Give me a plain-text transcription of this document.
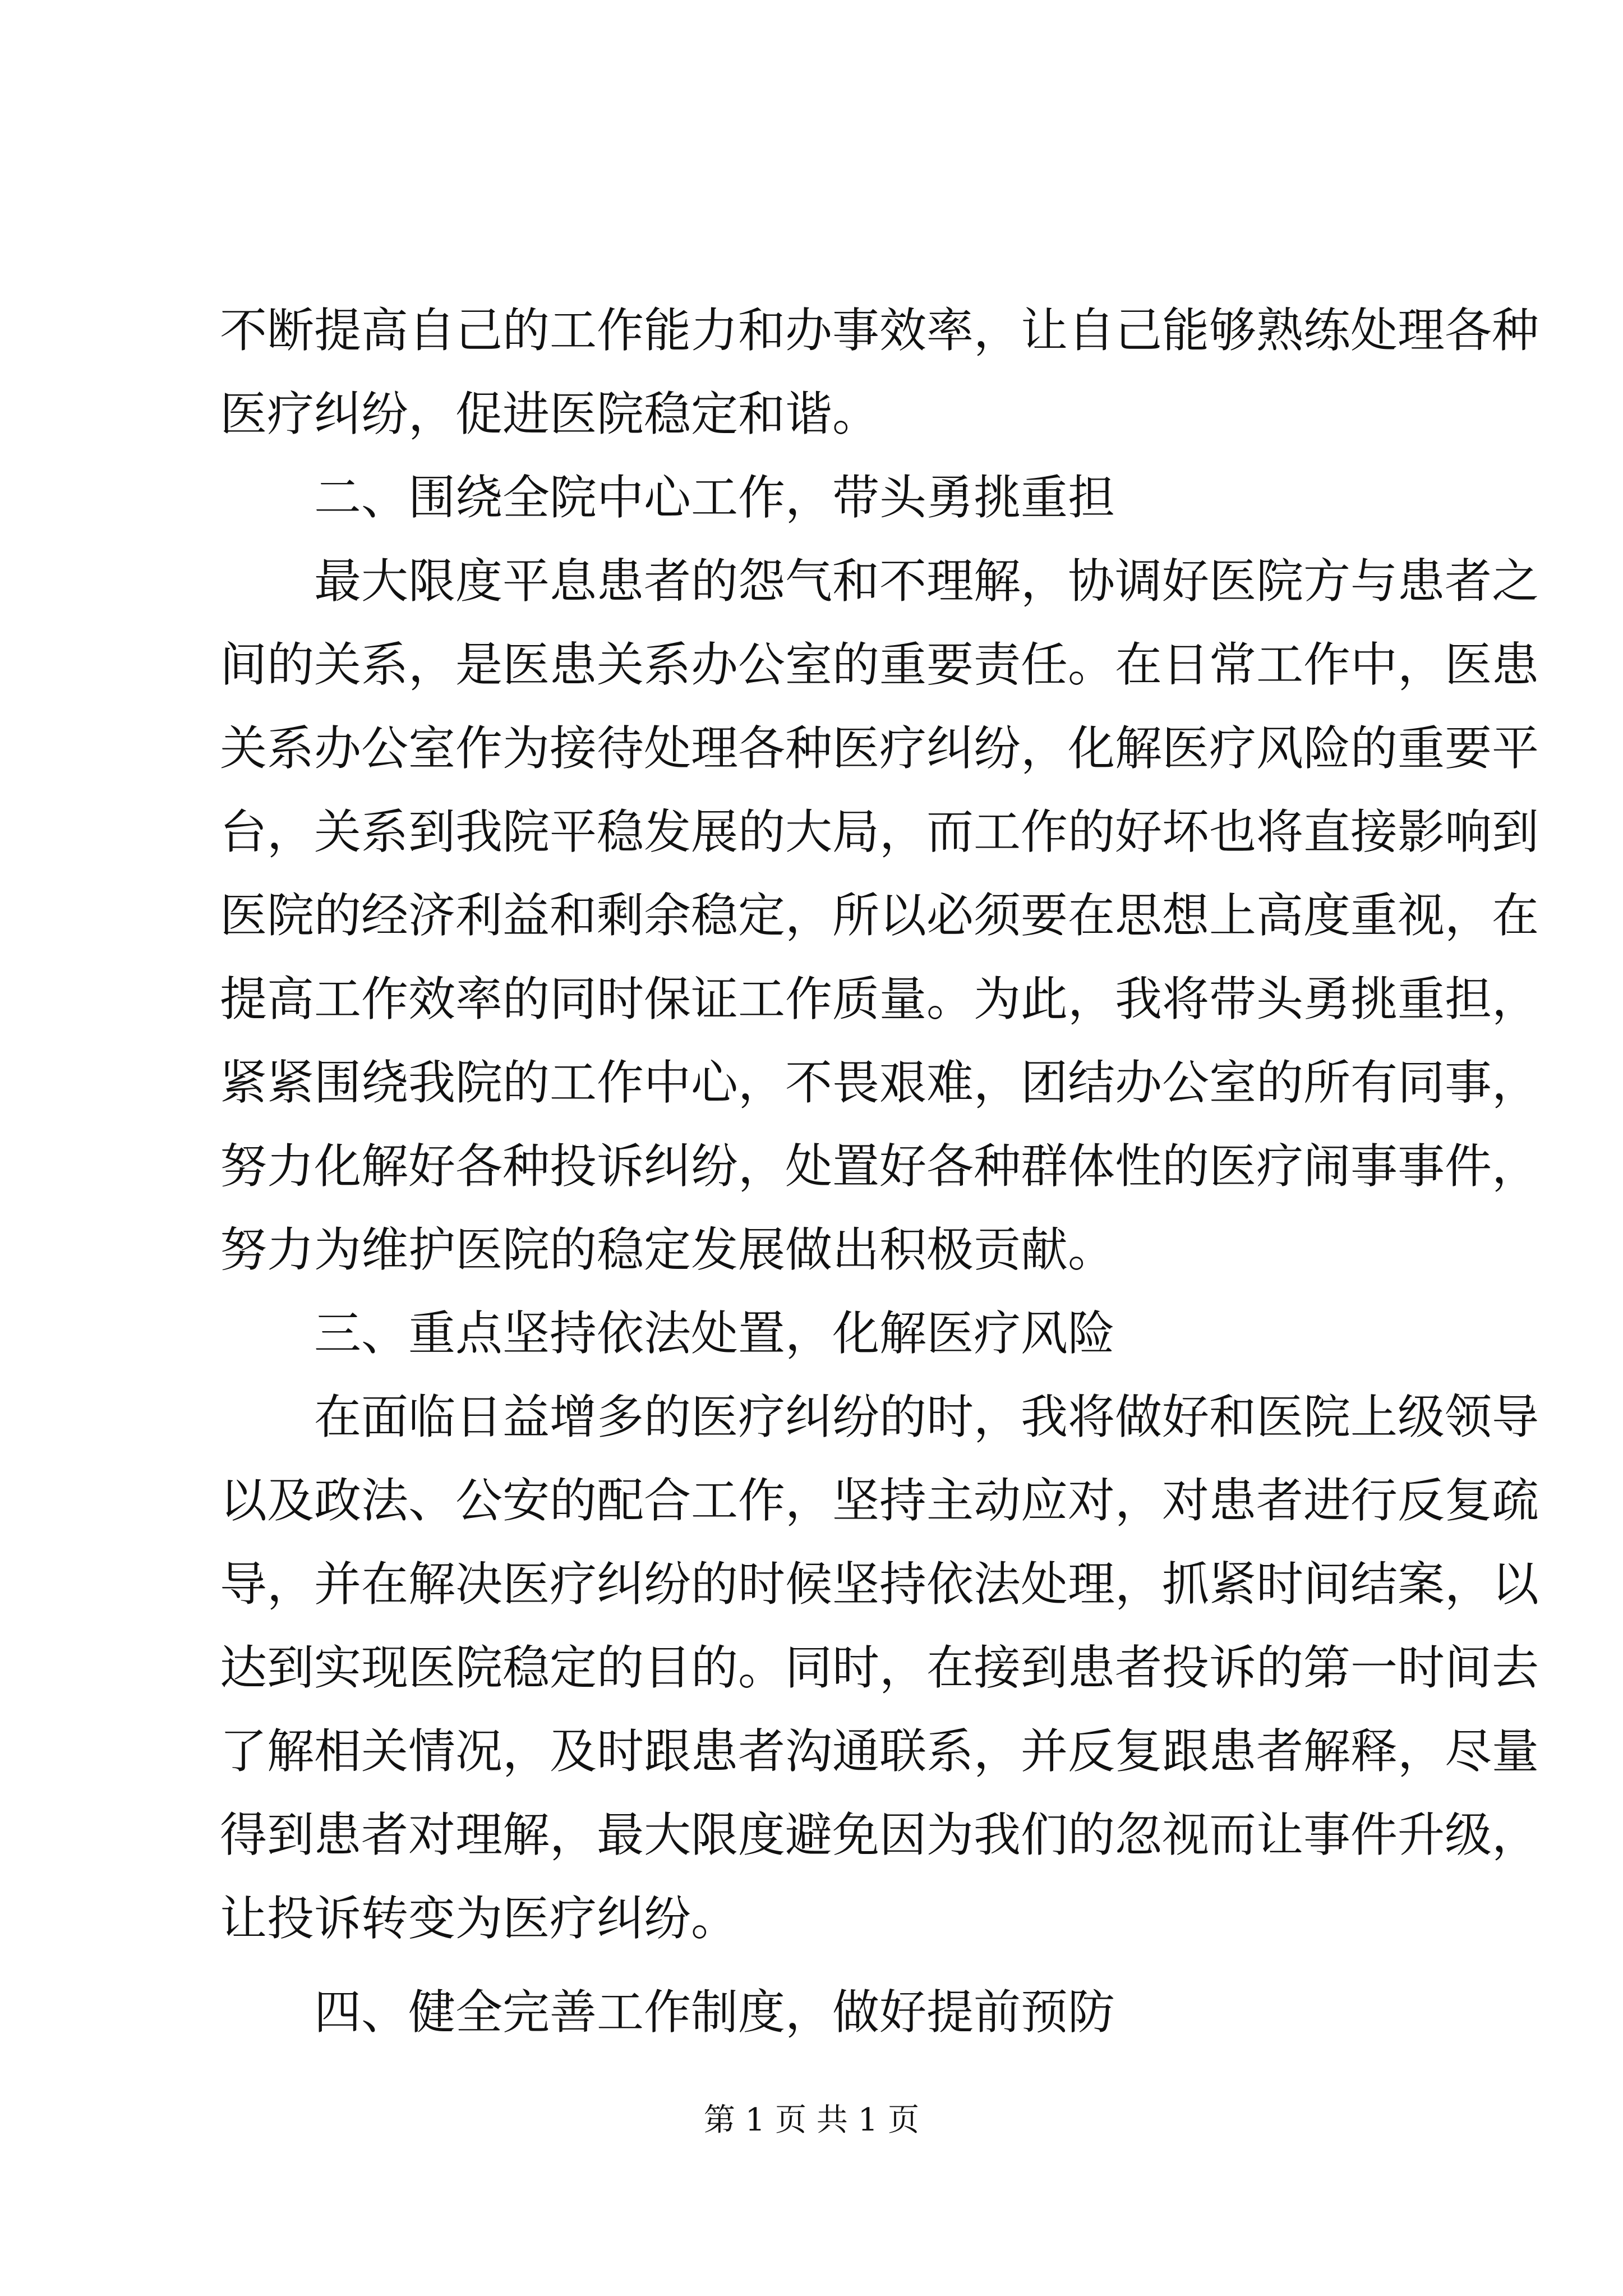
不断提高自己的工作能力和办事效率，让自己能够熟练处理各种
医疗纠纷，促进医院稳定和谐。
二、围绕全院中心工作，带头勇挑重担
最大限度平息患者的怨气和不理解，协调好医院方与患者之
间的关系，是医患关系办公室的重要责任。在日常工作中，医患
关系办公室作为接待处理各种医疗纠纷，化解医疗风险的重要平
台，关系到我院平稳发展的大局，而工作的好坏也将直接影响到
医院的经济利益和剩余稳定，所以必须要在思想上高度重视，在
提高工作效率的同时保证工作质量。为此，我将带头勇挑重担，
紧紧围绕我院的工作中心，不畏艰难，团结办公室的所有同事，
努力化解好各种投诉纠纷，处置好各种群体性的医疗闹事事件，
努力为维护医院的稳定发展做出积极贡献。
三、重点坚持依法处置，化解医疗风险
在面临日益增多的医疗纠纷的时，我将做好和医院上级领导
以及政法、公安的配合工作，坚持主动应对，对患者进行反复疏
导，并在解决医疗纠纷的时候坚持依法处理，抓紧时间结案，以
达到实现医院稳定的目的。同时，在接到患者投诉的第一时间去
了解相关情况，及时跟患者沟通联系，并反复跟患者解释，尽量
得到患者对理解，最大限度避免因为我们的忽视而让事件升级，
让投诉转变为医疗纠纷。
四、健全完善工作制度，做好提前预防
第 1 页 共 1 页
